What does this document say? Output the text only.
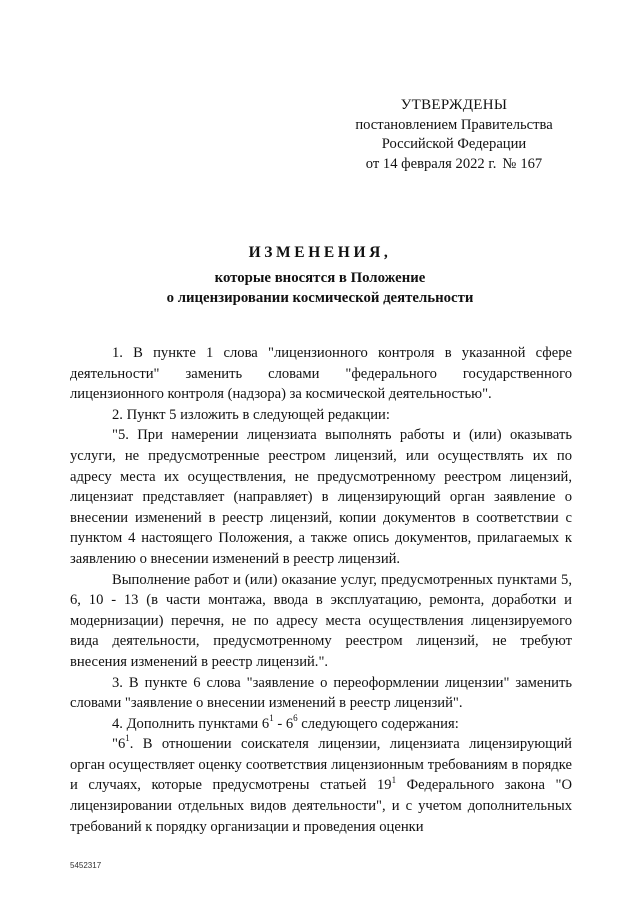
УТВЕРЖДЕНЫ
постановлением Правительства
Российской Федерации
от 14 февраля 2022 г. № 167
ИЗМЕНЕНИЯ,
которые вносятся в Положение
о лицензировании космической деятельности

1. В пункте 1 слова "лицензионного контроля в указанной сфере деятельности" заменить словами "федерального государственного лицензионного контроля (надзора) за космической деятельностью".

2. Пункт 5 изложить в следующей редакции:

"5. При намерении лицензиата выполнять работы и (или) оказывать услуги, не предусмотренные реестром лицензий, или осуществлять их по адресу места их осуществления, не предусмотренному реестром лицензий, лицензиат представляет (направляет) в лицензирующий орган заявление о внесении изменений в реестр лицензий, копии документов в соответствии с пунктом 4 настоящего Положения, а также опись документов, прилагаемых к заявлению о внесении изменений в реестр лицензий.

Выполнение работ и (или) оказание услуг, предусмотренных пунктами 5, 6, 10 - 13 (в части монтажа, ввода в эксплуатацию, ремонта, доработки и модернизации) перечня, не по адресу места осуществления лицензируемого вида деятельности, предусмотренному реестром лицензий, не требуют внесения изменений в реестр лицензий.".

3. В пункте 6 слова "заявление о переоформлении лицензии" заменить словами "заявление о внесении изменений в реестр лицензий".

4. Дополнить пунктами $6^1 - 6^6$ следующего содержания:

"$6^1$. В отношении соискателя лицензии, лицензиата лицензирующий орган осуществляет оценку соответствия лицензионным требованиям в порядке и случаях, которые предусмотрены статьей $19^1$ Федерального закона "О лицензировании отдельных видов деятельности", и с учетом дополнительных требований к порядку организации и проведения оценки

5452317
